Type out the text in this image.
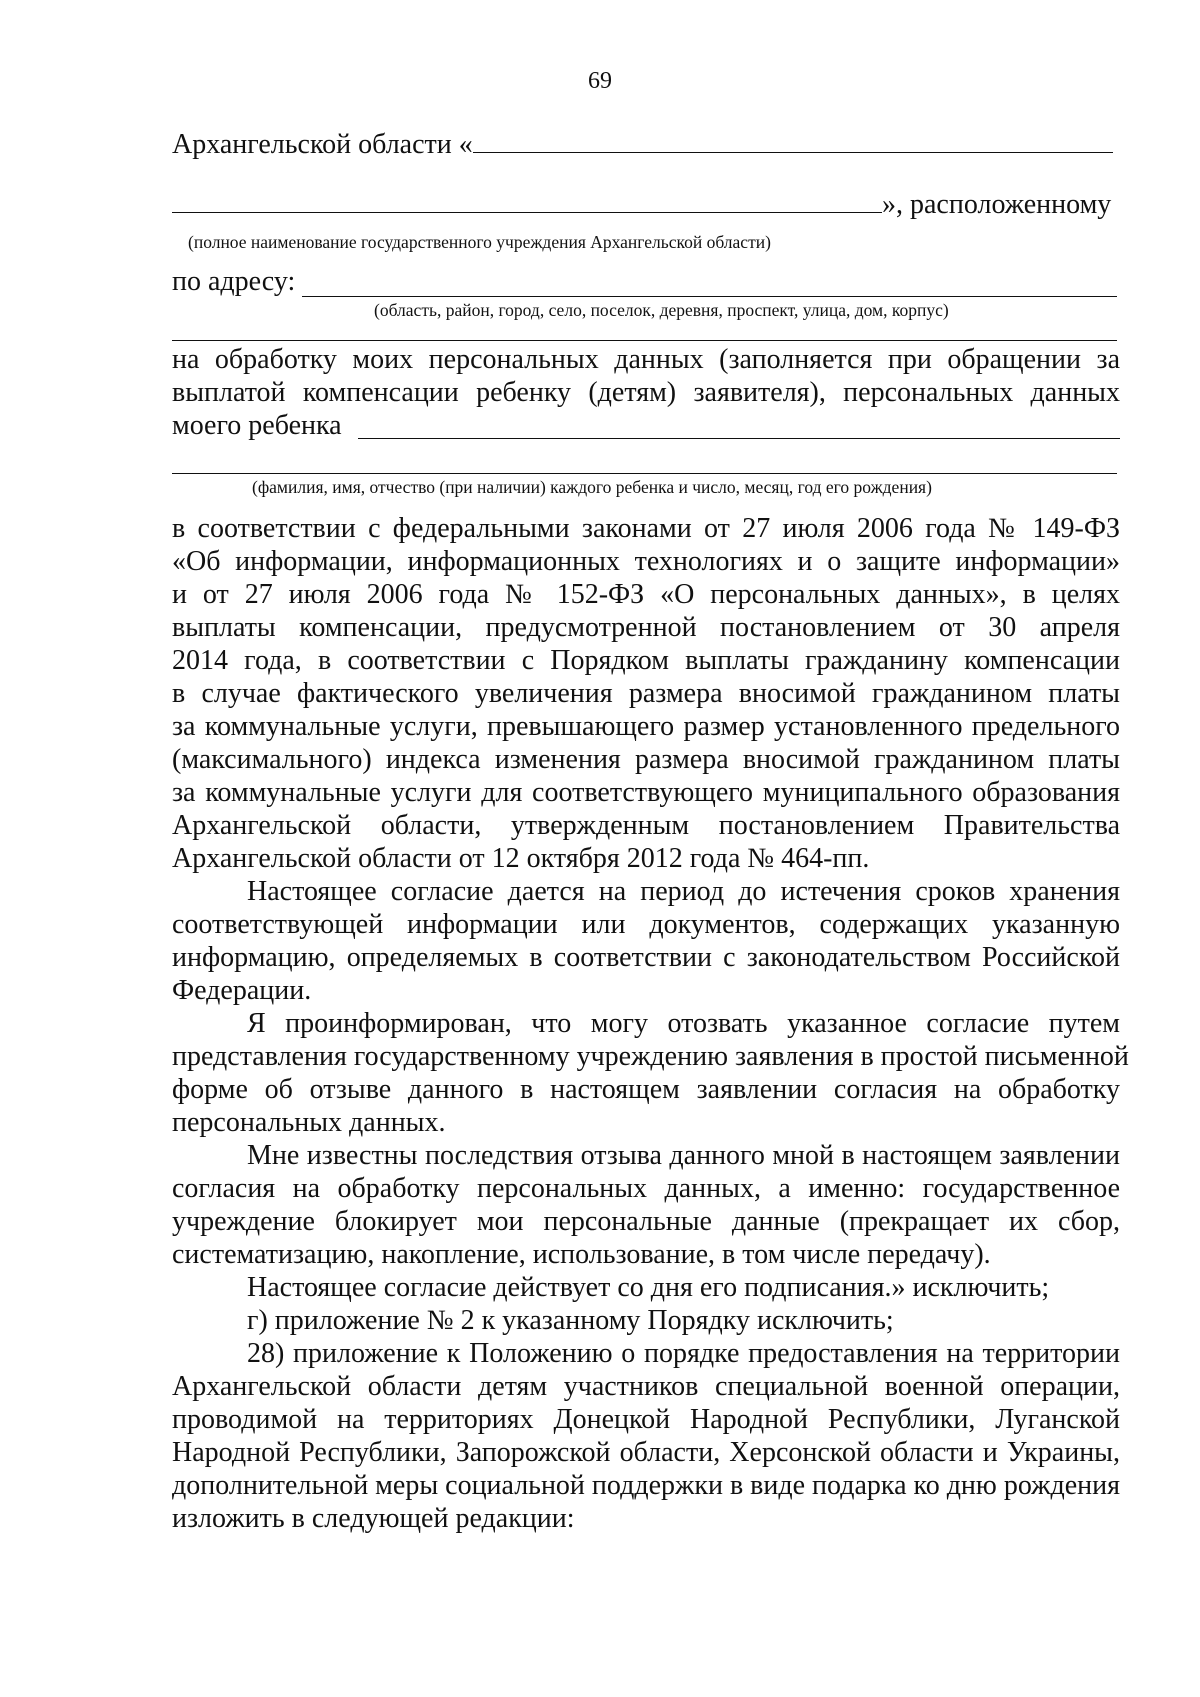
69
Архангельской области «
», расположенному
(полное наименование государственного учреждения Архангельской области)
по адресу:
(область, район, город, село, поселок, деревня, проспект, улица, дом, корпус)
на обработку моих персональных данных (заполняется при обращении за
выплатой компенсации ребенку (детям) заявителя), персональных данных
моего ребенка
(фамилия, имя, отчество (при наличии) каждого ребенка и число, месяц, год его рождения)
в соответствии с федеральными законами от 27 июля 2006 года № 149-ФЗ
«Об информации, информационных технологиях и о защите информации»
и от 27 июля 2006 года № 152-ФЗ «О персональных данных», в целях
выплаты компенсации, предусмотренной постановлением от 30 апреля
2014 года, в соответствии с Порядком выплаты гражданину компенсации
в случае фактического увеличения размера вносимой гражданином платы
за коммунальные услуги, превышающего размер установленного предельного
(максимального) индекса изменения размера вносимой гражданином платы
за коммунальные услуги для соответствующего муниципального образования
Архангельской области, утвержденным постановлением Правительства
Архангельской области от 12 октября 2012 года № 464-пп.
Настоящее согласие дается на период до истечения сроков хранения
соответствующей информации или документов, содержащих указанную
информацию, определяемых в соответствии с законодательством Российской
Федерации.
Я проинформирован, что могу отозвать указанное согласие путем
представления государственному учреждению заявления в простой письменной
форме об отзыве данного в настоящем заявлении согласия на обработку
персональных данных.
Мне известны последствия отзыва данного мной в настоящем заявлении
согласия на обработку персональных данных, а именно: государственное
учреждение блокирует мои персональные данные (прекращает их сбор,
систематизацию, накопление, использование, в том числе передачу).
Настоящее согласие действует со дня его подписания.» исключить;
г) приложение № 2 к указанному Порядку исключить;
28) приложение к Положению о порядке предоставления на территории
Архангельской области детям участников специальной военной операции,
проводимой на территориях Донецкой Народной Республики, Луганской
Народной Республики, Запорожской области, Херсонской области и Украины,
дополнительной меры социальной поддержки в виде подарка ко дню рождения
изложить в следующей редакции:
